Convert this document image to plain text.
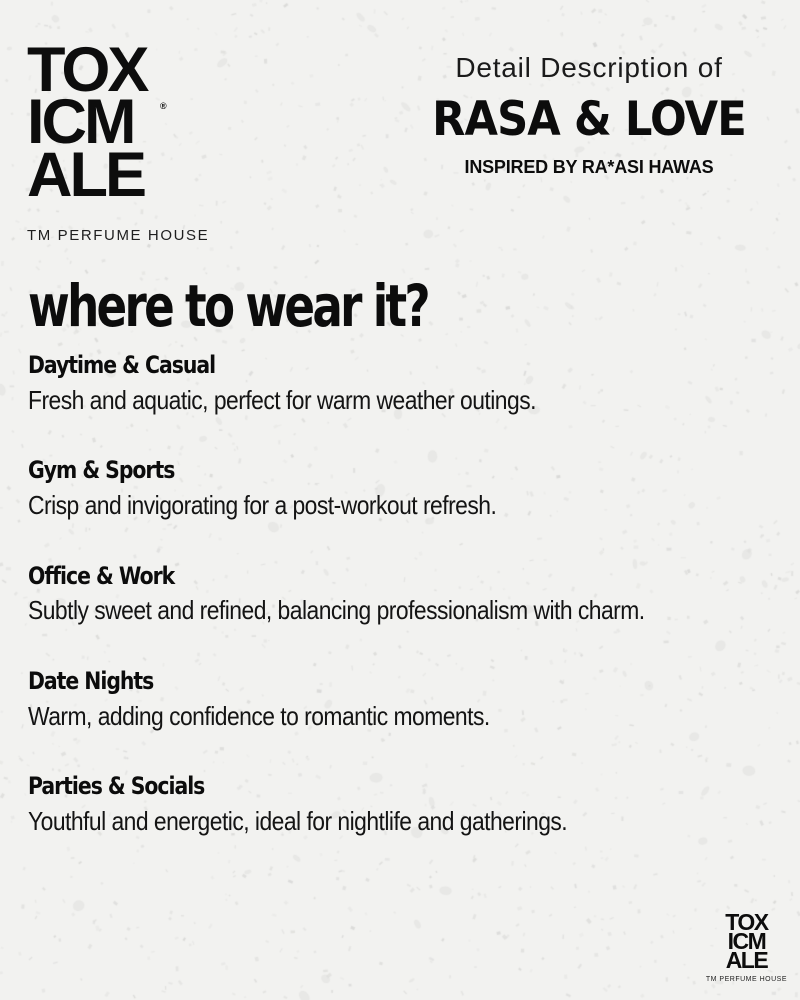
TOX
ICM
ALE
®
TM PERFUME HOUSE
Detail Description of
RASA & LOVE
INSPIRED BY RA*ASI HAWAS
where to wear it?
Daytime & Casual

Fresh and aquatic, perfect for warm weather outings.

Gym & Sports

Crisp and invigorating for a post-workout refresh.

Office & Work

Subtly sweet and refined, balancing professionalism with charm.

Date Nights

Warm, adding confidence to romantic moments.

Parties & Socials

Youthful and energetic, ideal for nightlife and gatherings.

TOX
ICM
ALE
TM PERFUME HOUSE
